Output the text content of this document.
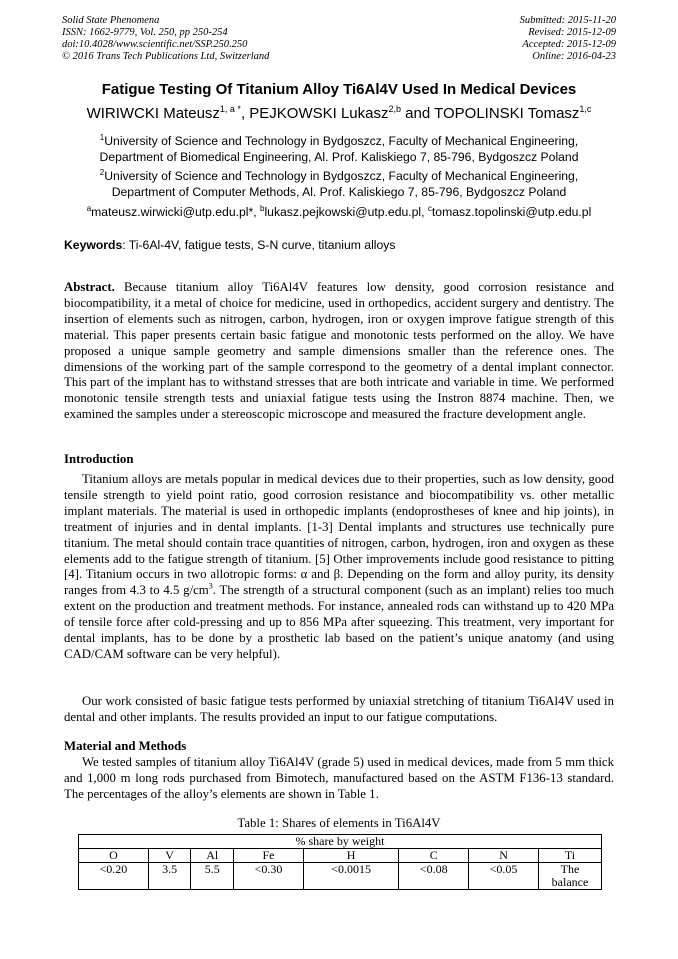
Solid State Phenomena
ISSN: 1662-9779, Vol. 250, pp 250-254
doi:10.4028/www.scientific.net/SSP.250.250
© 2016 Trans Tech Publications Ltd, Switzerland
Submitted: 2015-11-20
Revised: 2015-12-09
Accepted: 2015-12-09
Online: 2016-04-23
Fatigue Testing Of Titanium Alloy Ti6Al4V Used In Medical Devices
WIRIWCKI Mateusz$^{1, a *}$, PEJKOWSKI Lukasz$^{2,b}$ and TOPOLINSKI Tomasz$^{1,c}$
$^1$University of Science and Technology in Bydgoszcz, Faculty of Mechanical Engineering,
Department of Biomedical Engineering, Al. Prof. Kaliskiego 7, 85-796, Bydgoszcz Poland
$^2$University of Science and Technology in Bydgoszcz, Faculty of Mechanical Engineering,
Department of Computer Methods, Al. Prof. Kaliskiego 7, 85-796, Bydgoszcz Poland
$^a$mateusz.wirwicki@utp.edu.pl*, $^b$lukasz.pejkowski@utp.edu.pl, $^c$tomasz.topolinski@utp.edu.pl
Keywords: Ti-6Al-4V, fatigue tests, S-N curve, titanium alloys
Abstract. Because titanium alloy Ti6Al4V features low density, good corrosion resistance and biocompatibility, it a metal of choice for medicine, used in orthopedics, accident surgery and dentistry. The insertion of elements such as nitrogen, carbon, hydrogen, iron or oxygen improve fatigue strength of this material. This paper presents certain basic fatigue and monotonic tests performed on the alloy. We have proposed a unique sample geometry and sample dimensions smaller than the reference ones. The dimensions of the working part of the sample correspond to the geometry of a dental implant connector. This part of the implant has to withstand stresses that are both intricate and variable in time. We performed monotonic tensile strength tests and uniaxial fatigue tests using the Instron 8874 machine. Then, we examined the samples under a stereoscopic microscope and measured the fracture development angle.
Introduction
Titanium alloys are metals popular in medical devices due to their properties, such as low density, good tensile strength to yield point ratio, good corrosion resistance and biocompatibility vs. other metallic implant materials. The material is used in orthopedic implants (endoprostheses of knee and hip joints), in treatment of injuries and in dental implants. [1-3] Dental implants and structures use technically pure titanium. The metal should contain trace quantities of nitrogen, carbon, hydrogen, iron and oxygen as these elements add to the fatigue strength of titanium. [5] Other improvements include good resistance to pitting [4]. Titanium occurs in two allotropic forms: α and β. Depending on the form and alloy purity, its density ranges from 4.3 to 4.5 $g/cm^3$. The strength of a structural component (such as an implant) relies too much extent on the production and treatment methods. For instance, annealed rods can withstand up to 420 MPa of tensile force after cold-pressing and up to 856 MPa after squeezing. This treatment, very important for dental implants, has to be done by a prosthetic lab based on the patient’s unique anatomy (and using CAD/CAM software can be very helpful).
Our work consisted of basic fatigue tests performed by uniaxial stretching of titanium Ti6Al4V used in dental and other implants. The results provided an input to our fatigue computations.
Material and Methods
We tested samples of titanium alloy Ti6Al4V (grade 5) used in medical devices, made from 5 mm thick and 1,000 m long rods purchased from Bimotech, manufactured based on the ASTM F136-13 standard. The percentages of the alloy’s elements are shown in Table 1.
Table 1: Shares of elements in Ti6Al4V
% share by weight							
O	V	Al	Fe	H	C	N	Ti
<0.20	3.5	5.5	<0.30	<0.0015	<0.08	<0.05	The balance
